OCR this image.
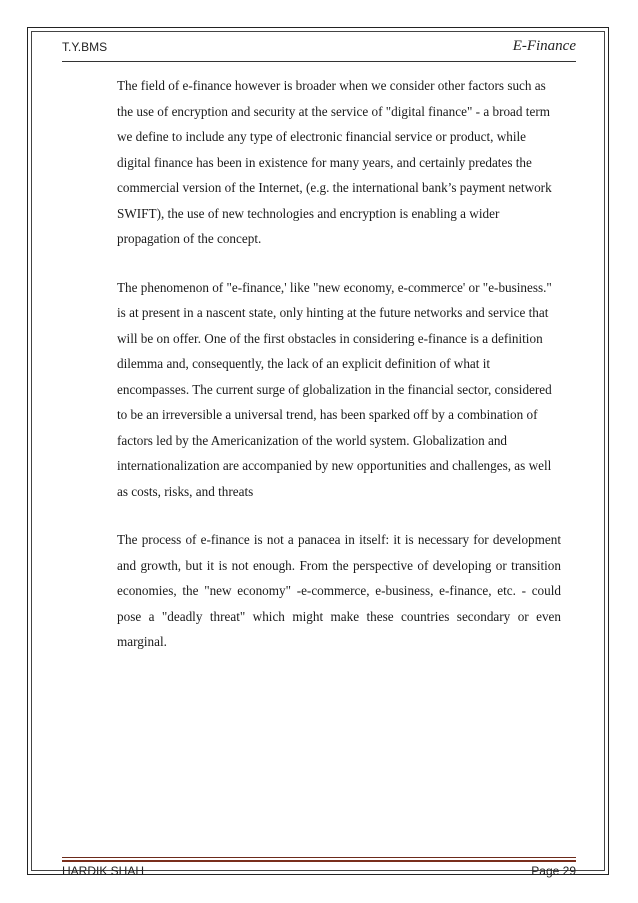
T.Y.BMS	E-Finance

The field of e-finance however is broader when we consider other factors such as the use of encryption and security at the service of "digital finance" - a broad term we define to include any type of electronic financial service or product, while digital finance has been in existence for many years, and certainly predates the commercial version of the Internet, (e.g. the international bank’s payment network SWIFT), the use of new technologies and encryption is enabling a wider propagation of the concept.

The phenomenon of "e-finance,' like "new economy, e-commerce' or "e-business." is at present in a nascent state, only hinting at the future networks and service that will be on offer. One of the first obstacles in considering e-finance is a definition dilemma and, consequently, the lack of an explicit definition of what it encompasses. The current surge of globalization in the financial sector, considered to be an irreversible a universal trend, has been sparked off by a combination of factors led by the Americanization of the world system. Globalization and internationalization are accompanied by new opportunities and challenges, as well as costs, risks, and threats

The process of e-finance is not a panacea in itself: it is necessary for development and growth, but it is not enough. From the perspective of developing or transition economies, the "new economy" -e-commerce, e-business, e-finance, etc. - could pose a "deadly threat" which might make these countries secondary or even marginal.

HARDIK SHAH	Page 29
